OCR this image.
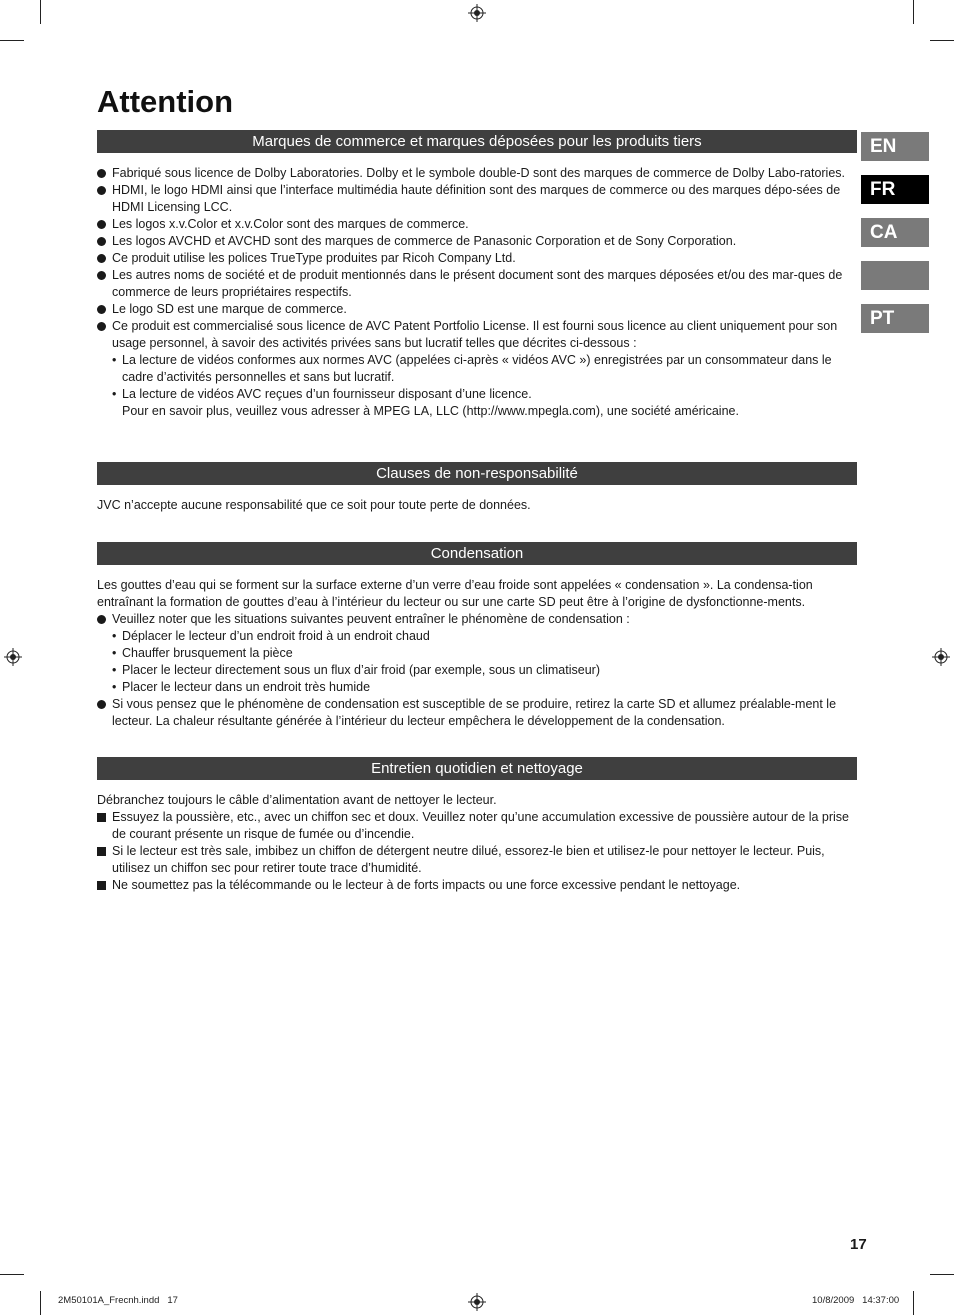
Attention
EN
FR
CA
PT
Marques de commerce et marques déposées pour les produits tiers
Fabriqué sous licence de Dolby Laboratories. Dolby et le symbole double-D sont des marques de commerce de Dolby Labo-ratories.
HDMI, le logo HDMI ainsi que l’interface multimédia haute définition sont des marques de commerce ou des marques dépo-sées de HDMI Licensing LCC.
Les logos x.v.Color et x.v.Color sont des marques de commerce.
Les logos AVCHD et AVCHD sont des marques de commerce de Panasonic Corporation et de Sony Corporation.
Ce produit utilise les polices TrueType produites par Ricoh Company Ltd.
Les autres noms de société et de produit mentionnés dans le présent document sont des marques déposées et/ou des mar-ques de commerce de leurs propriétaires respectifs.
Le logo SD est une marque de commerce.
Ce produit est commercialisé sous licence de AVC Patent Portfolio License. Il est fourni sous licence au client uniquement pour son usage personnel, à savoir des activités privées sans but lucratif telles que décrites ci-dessous :
• La lecture de vidéos conformes aux normes AVC (appelées ci-après « vidéos AVC ») enregistrées par un consommateur dans le cadre d’activités personnelles et sans but lucratif.
• La lecture de vidéos AVC reçues d’un fournisseur disposant d’une licence.
Pour en savoir plus, veuillez vous adresser à MPEG LA, LLC (http://www.mpegla.com), une société américaine.
Clauses de non-responsabilité

JVC n’accepte aucune responsabilité que ce soit pour toute perte de données.

Condensation

Les gouttes d’eau qui se forment sur la surface externe d’un verre d’eau froide sont appelées « condensation ». La condensa-tion entraînant la formation de gouttes d’eau à l’intérieur du lecteur ou sur une carte SD peut être à l’origine de dysfonctionne-ments.

Veuillez noter que les situations suivantes peuvent entraîner le phénomène de condensation :
• Déplacer le lecteur d’un endroit froid à un endroit chaud
• Chauffer brusquement la pièce
• Placer le lecteur directement sous un flux d’air froid (par exemple, sous un climatiseur)
• Placer le lecteur dans un endroit très humide
Si vous pensez que le phénomène de condensation est susceptible de se produire, retirez la carte SD et allumez préalable-ment le lecteur. La chaleur résultante générée à l’intérieur du lecteur empêchera le développement de la condensation.
Entretien quotidien et nettoyage

Débranchez toujours le câble d’alimentation avant de nettoyer le lecteur.

Essuyez la poussière, etc., avec un chiffon sec et doux. Veuillez noter qu’une accumulation excessive de poussière autour de la prise de courant présente un risque de fumée ou d’incendie.
Si le lecteur est très sale, imbibez un chiffon de détergent neutre dilué, essorez-le bien et utilisez-le pour nettoyer le lecteur. Puis, utilisez un chiffon sec pour retirer toute trace d’humidité.
Ne soumettez pas la télécommande ou le lecteur à de forts impacts ou une force excessive pendant le nettoyage.
17
2M50101A_Frecnh.indd   17	10/8/2009   14:37:00
